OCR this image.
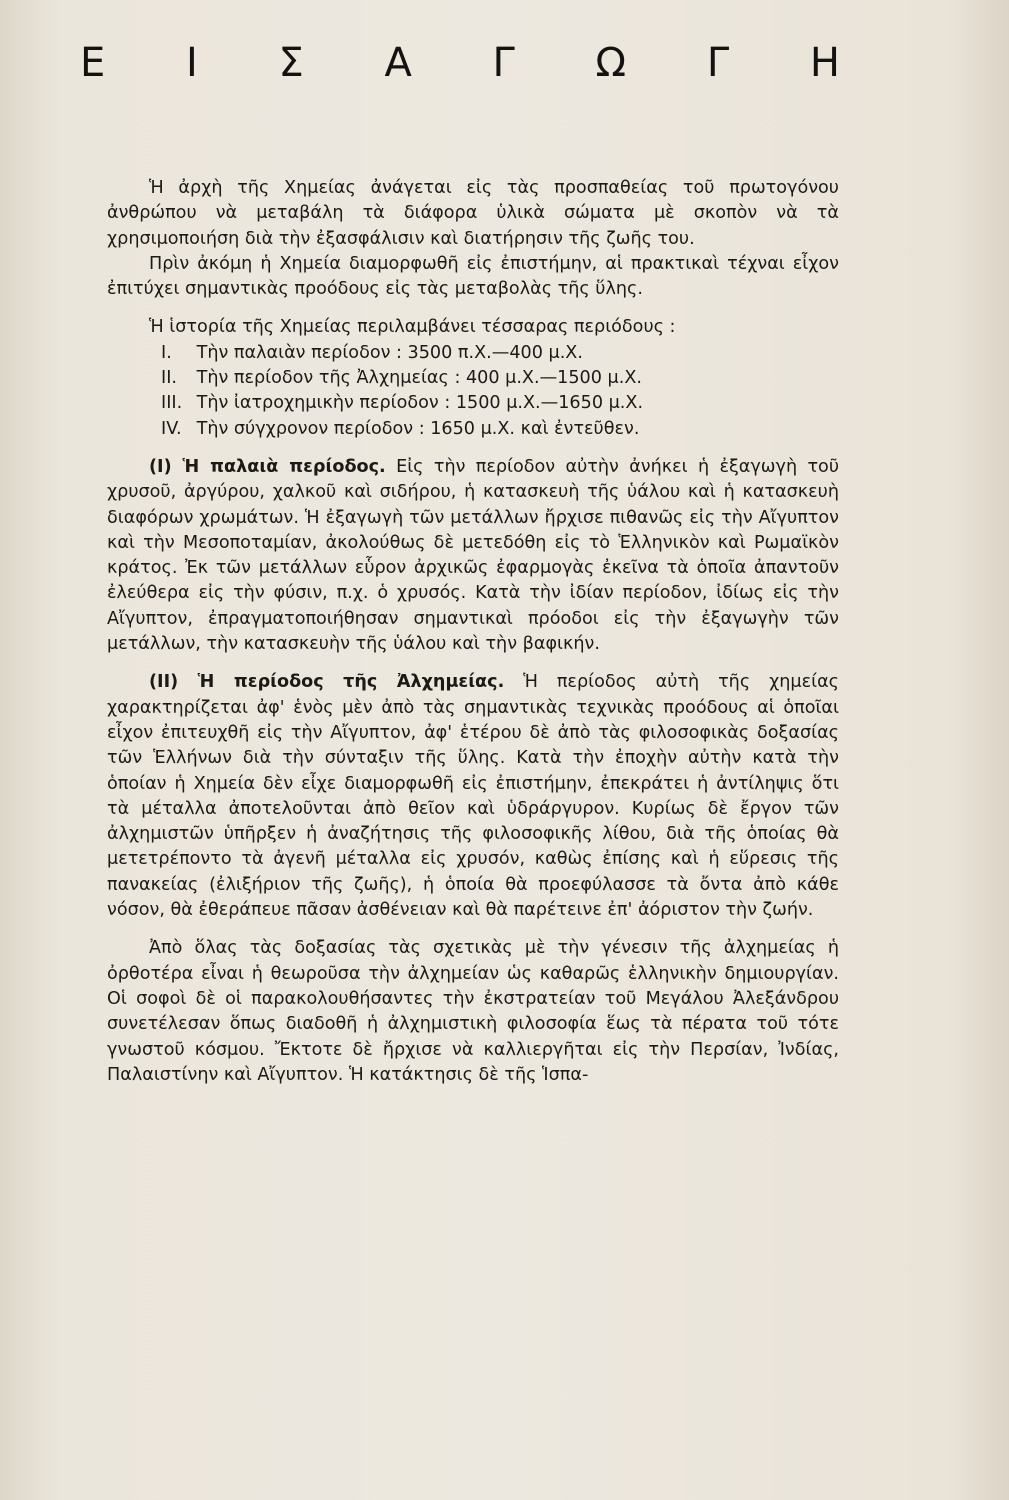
Ε Ι Σ Α Γ Ω Γ Η

Ἡ ἀρχὴ τῆς Χημείας ἀνάγεται εἰς τὰς προσπαθείας τοῦ πρωτογόνου ἀνθρώπου νὰ μεταβάλη τὰ διάφορα ὑλικὰ σώματα μὲ σκοπὸν νὰ τὰ χρησιμοποιήση διὰ τὴν ἐξασφάλισιν καὶ διατήρησιν τῆς ζωῆς του.

Πρὶν ἀκόμη ἡ Χημεία διαμορφωθῆ εἰς ἐπιστήμην, αἱ πρακτικαὶ τέχναι εἶχον ἐπιτύχει σημαντικὰς προόδους εἰς τὰς μεταβολὰς τῆς ὕλης.

Ἡ ἱστορία τῆς Χημείας περιλαμβάνει τέσσαρας περιόδους :

I. Τὴν παλαιὰν περίοδον : 3500 π.Χ.—400 μ.Χ.
II. Τὴν περίοδον τῆς Ἀλχημείας : 400 μ.Χ.—1500 μ.Χ.
III. Τὴν ἰατροχημικὴν περίοδον : 1500 μ.Χ.—1650 μ.Χ.
IV. Τὴν σύγχρονον περίοδον : 1650 μ.Χ. καὶ ἐντεῦθεν.

(I) Ἡ παλαιὰ περίοδος. Εἰς τὴν περίοδον αὐτὴν ἀνήκει ἡ ἐξαγωγὴ τοῦ χρυσοῦ, ἀργύρου, χαλκοῦ καὶ σιδήρου, ἡ κατασκευὴ τῆς ὑάλου καὶ ἡ κατασκευὴ διαφόρων χρωμάτων. Ἡ ἐξαγωγὴ τῶν μετάλλων ἤρχισε πιθανῶς εἰς τὴν Αἴγυπτον καὶ τὴν Μεσοποταμίαν, ἀκολούθως δὲ μετεδόθη εἰς τὸ Ἑλληνικὸν καὶ Ρωμαϊκὸν κράτος. Ἐκ τῶν μετάλλων εὗρον ἀρχικῶς ἐφαρμογὰς ἐκεῖνα τὰ ὁποῖα ἀπαντοῦν ἐλεύθερα εἰς τὴν φύσιν, π.χ. ὁ χρυσός. Κατὰ τὴν ἰδίαν περίοδον, ἰδίως εἰς τὴν Αἴγυπτον, ἐπραγματοποιήθησαν σημαντικαὶ πρόοδοι εἰς τὴν ἐξαγωγὴν τῶν μετάλλων, τὴν κατασκευὴν τῆς ὑάλου καὶ τὴν βαφικήν.

(II) Ἡ περίοδος τῆς Ἀλχημείας. Ἡ περίοδος αὐτὴ τῆς χημείας χαρακτηρίζεται ἀφ' ἑνὸς μὲν ἀπὸ τὰς σημαντικὰς τεχνικὰς προόδους αἱ ὁποῖαι εἶχον ἐπιτευχθῆ εἰς τὴν Αἴγυπτον, ἀφ' ἑτέρου δὲ ἀπὸ τὰς φιλοσοφικὰς δοξασίας τῶν Ἑλλήνων διὰ τὴν σύνταξιν τῆς ὕλης. Κατὰ τὴν ἐποχὴν αὐτὴν κατὰ τὴν ὁποίαν ἡ Χημεία δὲν εἶχε διαμορφωθῆ εἰς ἐπιστήμην, ἐπεκράτει ἡ ἀντίληψις ὅτι τὰ μέταλλα ἀποτελοῦνται ἀπὸ θεῖον καὶ ὑδράργυρον. Κυρίως δὲ ἔργον τῶν ἀλχημιστῶν ὑπῆρξεν ἡ ἀναζήτησις τῆς φιλοσοφικῆς λίθου, διὰ τῆς ὁποίας θὰ μετετρέποντο τὰ ἀγενῆ μέταλλα εἰς χρυσόν, καθὼς ἐπίσης καὶ ἡ εὕρεσις τῆς πανακείας (ἐλιξήριον τῆς ζωῆς), ἡ ὁποία θὰ προεφύλασσε τὰ ὄντα ἀπὸ κάθε νόσον, θὰ ἐθεράπευε πᾶσαν ἀσθένειαν καὶ θὰ παρέτεινε ἐπ' ἀόριστον τὴν ζωήν.

Ἀπὸ ὅλας τὰς δοξασίας τὰς σχετικὰς μὲ τὴν γένεσιν τῆς ἀλχημείας ἡ ὀρθοτέρα εἶναι ἡ θεωροῦσα τὴν ἀλχημείαν ὡς καθαρῶς ἑλληνικὴν δημιουργίαν. Οἱ σοφοὶ δὲ οἱ παρακολουθήσαντες τὴν ἐκστρατείαν τοῦ Μεγάλου Ἀλεξάνδρου συνετέλεσαν ὅπως διαδοθῆ ἡ ἀλχημιστικὴ φιλοσοφία ἕως τὰ πέρατα τοῦ τότε γνωστοῦ κόσμου. Ἔκτοτε δὲ ἤρχισε νὰ καλλιεργῆται εἰς τὴν Περσίαν, Ἰνδίας, Παλαιστίνην καὶ Αἴγυπτον. Ἡ κατάκτησις δὲ τῆς Ἱσπα-
